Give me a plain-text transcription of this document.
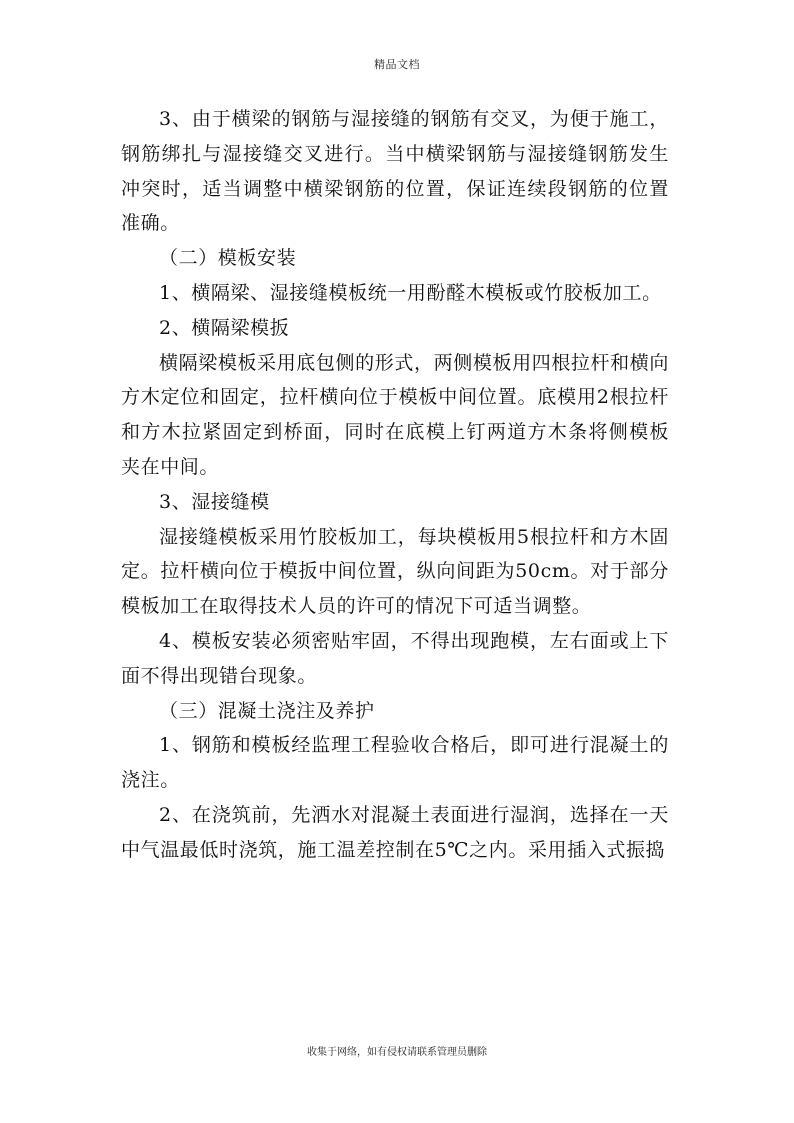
精品文档

3、由于横梁的钢筋与湿接缝的钢筋有交叉，为便于施工，钢筋绑扎与湿接缝交叉进行。当中横梁钢筋与湿接缝钢筋发生冲突时，适当调整中横梁钢筋的位置，保证连续段钢筋的位置准确。

（二）模板安装

1、横隔梁、湿接缝模板统一用酚醛木模板或竹胶板加工。

2、横隔梁模扳

横隔梁模板采用底包侧的形式，两侧模板用四根拉杆和横向方木定位和固定，拉杆横向位于模板中间位置。底模用2根拉杆和方木拉紧固定到桥面，同时在底模上钉两道方木条将侧模板夹在中间。

3、湿接缝模

湿接缝模板采用竹胶板加工，每块模板用5根拉杆和方木固定。拉杆横向位于模扳中间位置，纵向间距为50cm。对于部分模板加工在取得技术人员的许可的情况下可适当调整。

4、模板安装必须密贴牢固，不得出现跑模，左右面或上下面不得出现错台现象。

（三）混凝土浇注及养护

1、钢筋和模板经监理工程验收合格后，即可进行混凝土的浇注。

2、在浇筑前，先洒水对混凝土表面进行湿润，选择在一天中气温最低时浇筑，施工温差控制在5℃之内。采用插入式振捣

收集于网络，如有侵权请联系管理员删除
